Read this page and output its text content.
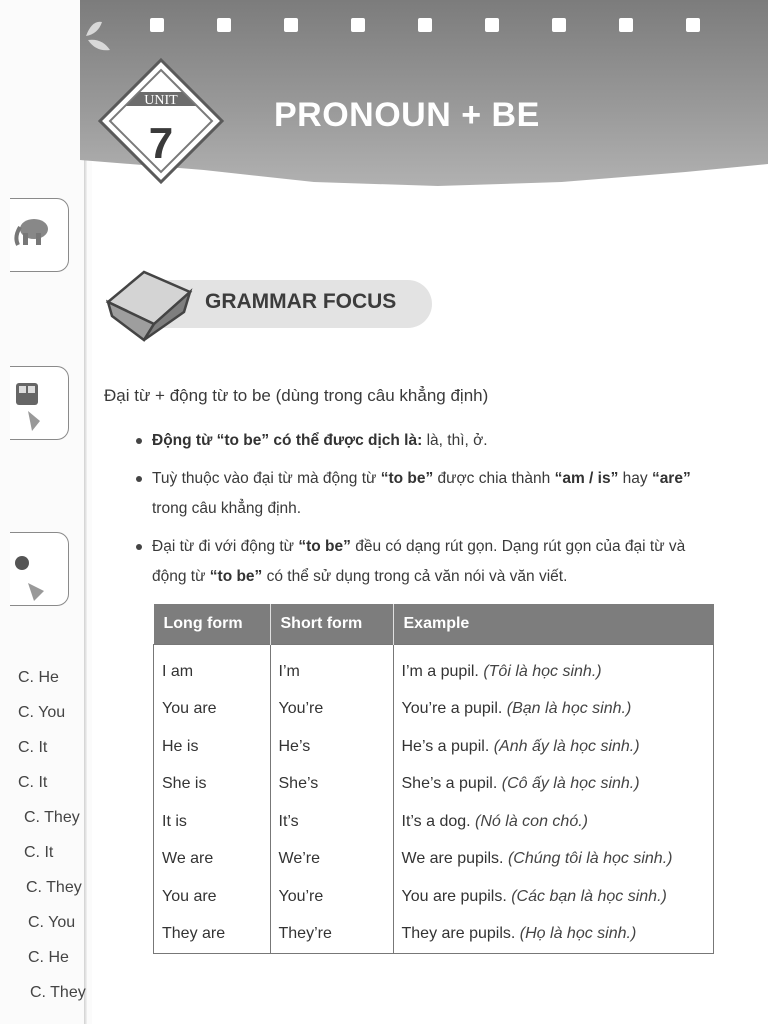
C. He
C. You
C. It
C. It
C. They
C. It
C. They
C. You
C. He
C. They
UNIT
7
PRONOUN + BE
GRAMMAR FOCUS

Đại từ + động từ to be (dùng trong câu khẳng định)

Động từ “to be” có thể được dịch là: là, thì, ở.
Tuỳ thuộc vào đại từ mà động từ “to be” được chia thành “am / is” hay “are” trong câu khẳng định.
Đại từ đi với động từ “to be” đều có dạng rút gọn. Dạng rút gọn của đại từ và động từ “to be” có thể sử dụng trong cả văn nói và văn viết.
Long form	Short form	Example
I am	I’m	I’m a pupil. (Tôi là học sinh.)
You are	You’re	You’re a pupil. (Bạn là học sinh.)
He is	He’s	He’s a pupil. (Anh ấy là học sinh.)
She is	She’s	She’s a pupil. (Cô ấy là học sinh.)
It is	It’s	It’s a dog. (Nó là con chó.)
We are	We’re	We are pupils. (Chúng tôi là học sinh.)
You are	You’re	You are pupils. (Các bạn là học sinh.)
They are	They’re	They are pupils. (Họ là học sinh.)
